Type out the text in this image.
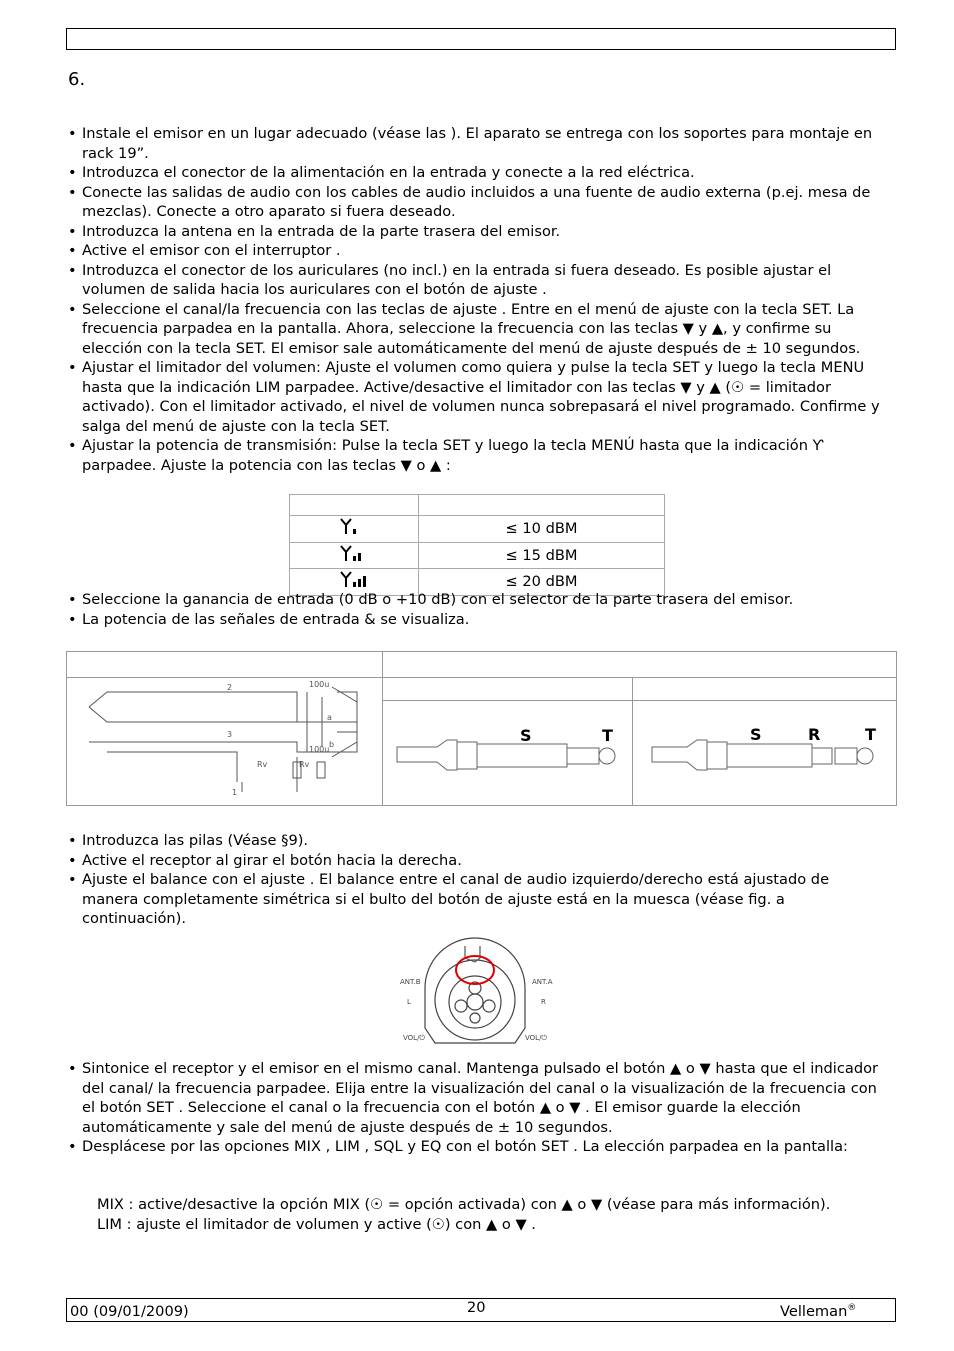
6.
• Instale el emisor en un lugar adecuado (véase las ). El aparato se entrega con los soportes para montaje en rack 19”.
• Introduzca el conector de la alimentación en la entrada y conecte a la red eléctrica.
• Conecte las salidas de audio con los cables de audio incluidos a una fuente de audio externa (p.ej. mesa de mezclas). Conecte a otro aparato si fuera deseado.
• Introduzca la antena en la entrada de la parte trasera del emisor.
• Active el emisor con el interruptor .
• Introduzca el conector de los auriculares (no incl.) en la entrada si fuera deseado. Es posible ajustar el volumen de salida hacia los auriculares con el botón de ajuste .
• Seleccione el canal/la frecuencia con las teclas de ajuste . Entre en el menú de ajuste con la tecla SET. La frecuencia parpadea en la pantalla. Ahora, seleccione la frecuencia con las teclas ▼ y ▲, y confirme su elección con la tecla SET. El emisor sale automáticamente del menú de ajuste después de ± 10 segundos.
• Ajustar el limitador del volumen: Ajuste el volumen como quiera y pulse la tecla SET y luego la tecla MENU hasta que la indicación LIM parpadee. Active/desactive el limitador con las teclas ▼ y ▲ (☉ = limitador activado). Con el limitador activado, el nivel de volumen nunca sobrepasará el nivel programado. Confirme y salga del menú de ajuste con la tecla SET.
• Ajustar la potencia de transmisión: Pulse la tecla SET y luego la tecla MENÚ hasta que la indicación Ƴ parpadee. Ajuste la potencia con las teclas ▼ o ▲ :

	≤ 10 dBM
	≤ 15 dBM
	≤ 20 dBM
• Seleccione la ganancia de entrada (0 dB o +10 dB) con el selector de la parte trasera del emisor.
• La potencia de las señales de entrada & se visualiza.
2
3
1
100u
100u
a
b
Rv	Rv
S	T	S	R	T
• Introduzca las pilas (Véase §9).
• Active el receptor al girar el botón hacia la derecha.
• Ajuste el balance con el ajuste . El balance entre el canal de audio izquierdo/derecho está ajustado de manera completamente simétrica si el bulto del botón de ajuste está en la muesca (véase fig. a continuación).
ANT.B	ANT.A
L	R
VOL/⏻	VOL/⏻
• Sintonice el receptor y el emisor en el mismo canal. Mantenga pulsado el botón ▲ o ▼ hasta que el indicador del canal/ la frecuencia parpadee. Elija entre la visualización del canal o la visualización de la frecuencia con el botón SET . Seleccione el canal o la frecuencia con el botón ▲ o ▼ . El emisor guarde la elección automáticamente y sale del menú de ajuste después de ± 10 segundos.
• Desplácese por las opciones MIX , LIM , SQL y EQ con el botón SET . La elección parpadea en la pantalla:
MIX : active/desactive la opción MIX (☉ = opción activada) con ▲ o ▼ (véase para más información).
LIM : ajuste el limitador de volumen y active (☉) con ▲ o ▼ .
00 (09/01/2009)	20	Velleman®
